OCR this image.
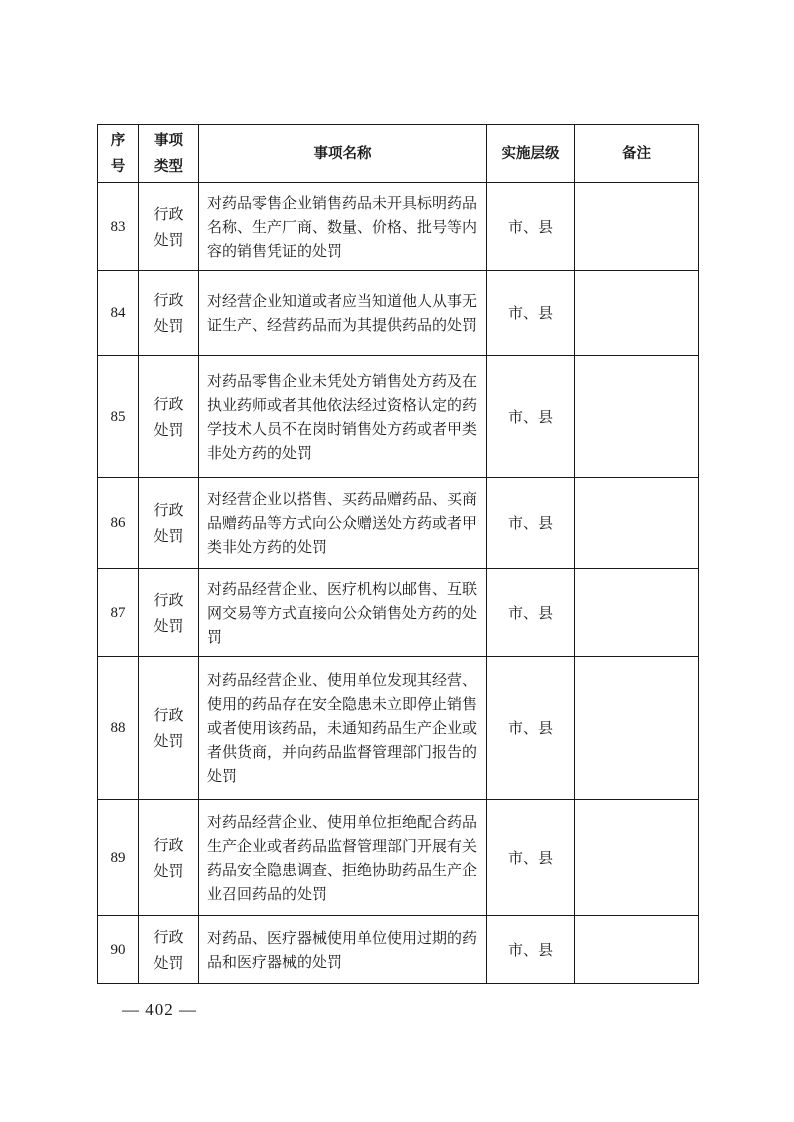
序号	事项类型	事项名称	实施层级	备注
83	行政处罚	对药品零售企业销售药品未开具标明药品名称、生产厂商、数量、价格、批号等内容的销售凭证的处罚	市、县	
84	行政处罚	对经营企业知道或者应当知道他人从事无证生产、经营药品而为其提供药品的处罚	市、县	
85	行政处罚	对药品零售企业未凭处方销售处方药及在执业药师或者其他依法经过资格认定的药学技术人员不在岗时销售处方药或者甲类非处方药的处罚	市、县	
86	行政处罚	对经营企业以搭售、买药品赠药品、买商品赠药品等方式向公众赠送处方药或者甲类非处方药的处罚	市、县	
87	行政处罚	对药品经营企业、医疗机构以邮售、互联网交易等方式直接向公众销售处方药的处罚	市、县	
88	行政处罚	对药品经营企业、使用单位发现其经营、使用的药品存在安全隐患未立即停止销售或者使用该药品，未通知药品生产企业或者供货商，并向药品监督管理部门报告的处罚	市、县	
89	行政处罚	对药品经营企业、使用单位拒绝配合药品生产企业或者药品监督管理部门开展有关药品安全隐患调查、拒绝协助药品生产企业召回药品的处罚	市、县	
90	行政处罚	对药品、医疗器械使用单位使用过期的药品和医疗器械的处罚	市、县	
— 402 —
